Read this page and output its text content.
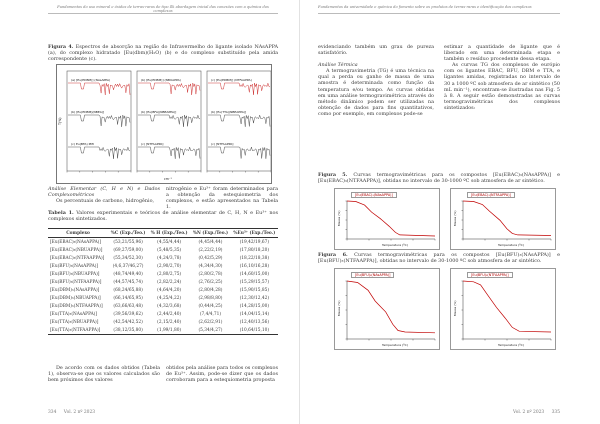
Fundamentos do uso mineral e óxidos de terras-raras de tipo Ilk abordagem inicial das conexões com a química dos complexos
Figura 4. Espectros de absorção na região do Infravermelho do ligante isolado NAsAPPA (a), do complexo hidratado [Eu(dbm)(H₂O) (b) e do complexo substituído pela amida correspondente (c).
(a) [Eu(EDBM)] (NAsAPPA)
(b) [Eu(EDBM)(NBEA)]
(c) Eu(BFA) PMI
(b) [Eu(EDBM)] (NBUAPPA)
(b) [Eu(BFA)(NBEAPPA)]
(c) [NTFAAPPA]
(c) [Eu(EDBM)] (NTFAAPPA)
(b) [Eu(TTA)(NBEAPPA)]
(c) [NTFAAPPA]
T(%)
cm⁻¹

Análise Elementar (C, H e N) e Dados Complexométricos

Os percentuais de carbono, hidrogênio,

nitrogênio e Eu³⁺ foram determinados para a obtenção da estequiometria dos complexos, e estão apresentados na Tabela 1.

Tabela 1. Valores experimentais e teóricos de análise elementar de C, H, N e Eu³⁺ nos complexos sintetizados.
Complexo	%C (Exp./Teo.)	% H (Exp./Teo.)	%N (Exp./Teo.)	%Eu³⁺ (Exp./Teo.)
[Eu(EBAC)₃(NAsAPPA)]	(53,21/55,96)	(4,55/4,44)	(4,45/4,44)	(19,42/19,67)
[Eu(EBAC)₃(NBUAPPA)]	(69,27/59,00)	(5,48/5,35)	(2,22/2,19)	(17,80/18,20)
[Eu(EBAC)₃(NTFAAPPA)]	(55,34/52,30)	(4,24/3,78)	(0,42/5,29)	(18,22/18,38)
[Eu(BFU)₃(NAsAPPA)]	(4,6,37/46,27)	(2,90/2,70)	(4,34/4,30)	(16,10/16,28)
[Eu(BFU)₃(NBUAPPA)]	(48,74/49,40)	(2,80/2,75)	(2,80/2,78)	(14,60/15,00)
[Eu(BFU)₃(NTFAAPPA)]	(44,57/45,74)	(2,82/2,24)	(2,76/2,25)	(15,29/15,57)
[Eu(DBM)₃(NAsAPPA)]	(68,24/65,88)	(4,64/4,20)	(2,80/4,28)	(15,90/15,85)
[Eu(DBM)₃(NBUAPPA)]	(66,14/65,95)	(4,25/4,22)	(2,98/8,80)	(12,30/12,42)
[Eu(DBM)₃(NTFAAPPA)]	(63,66/63,48)	(4,32/3,68)	(0,44/4,25)	(14,28/15,00)
[Eu(TTA)₃(NAsAPPA)]	(39,56/39,62)	(2,44/2,40)	(7,4/4,71)	(14,04/15,14)
[Eu(TTA)₃(NBUAPPA)]	(42,54/42,52)	(2,15/2,40)	(2,62/2,91)	(12,40/13,56)
[Eu(TTA)₃(NTFAAPPA)]	(38,12/35,80)	(1,99/1,80)	(5,34/4,27)	(10,64/15,10)

De acordo com os dados obtidos (Tabela 1), observa-se que os valores calculados são bem próximos dos valores

obtidos pela análise para todos os complexos de Eu³⁺. Assim, pode-se dizer que os dados corroboram para a estequiometria proposta

334 Vol. 2 nº 2023
Fundamentos da universidade e química do fomento sobre os produtos de terras-raras e identificação dos complexos

evidenciando também um grau de pureza satisfatório.

Análise Térmica

A termogravimetria (TG) é uma técnica na qual a perda ou ganho de massa de uma amostra é determinada como função da temperatura e/ou tempo. As curvas obtidas em uma análise termogravimétrica através do método dinâmico podem ser utilizadas na obtenção de dados para fins quantitativos, como por exemplo, em complexos pode-se

estimar a quantidade de ligante que é liberado em uma determinada etapa e também o resíduo procedente dessa etapa.

As curvas TG dos complexos de európio com os ligantes EBAC, BFU, DBM e TTA, e ligantes amidas, registradas no intervalo de 30 a 1000 ºC sob atmosfera de ar sintético (50 mL min⁻¹), encontram-se ilustradas nas Fig. 5 à 8. A seguir estão demonstradas as curvas termogravimétricas dos complexos sintetizados:

Figura 5. Curvas termogravimétricas para os compostos [Eu(EBAC)₃(NAsAPPA)] e [Eu(EBAC)₃(NTFAAPPA)], obtidas no intervalo de 30-1000 ºC sob atmosfera de ar sintético.
Massa (%)
Temperatura (ºC)
[Eu(EBAC)₃(NAsAPPA)]
Massa (%)
Temperatura (ºC)
[Eu(EBAC)₃(NTFAAPPA)]
Figura 6. Curvas termogravimétricas para os compostos [Eu(BFU)₃(NAsAPPA)] e [Eu(BFU)₃(NTFAAPPA)], obtidas no intervalo de 30-1000 ºC sob atmosfera de ar sintético.
Massa (%)
Temperatura (ºC)
[Eu(BFU)₃(NAsAPPA)]
Massa (%)
Temperatura (ºC)
[Eu(BFU)₃(NTFAAPPA)]
Vol. 2 nº 2023 335
